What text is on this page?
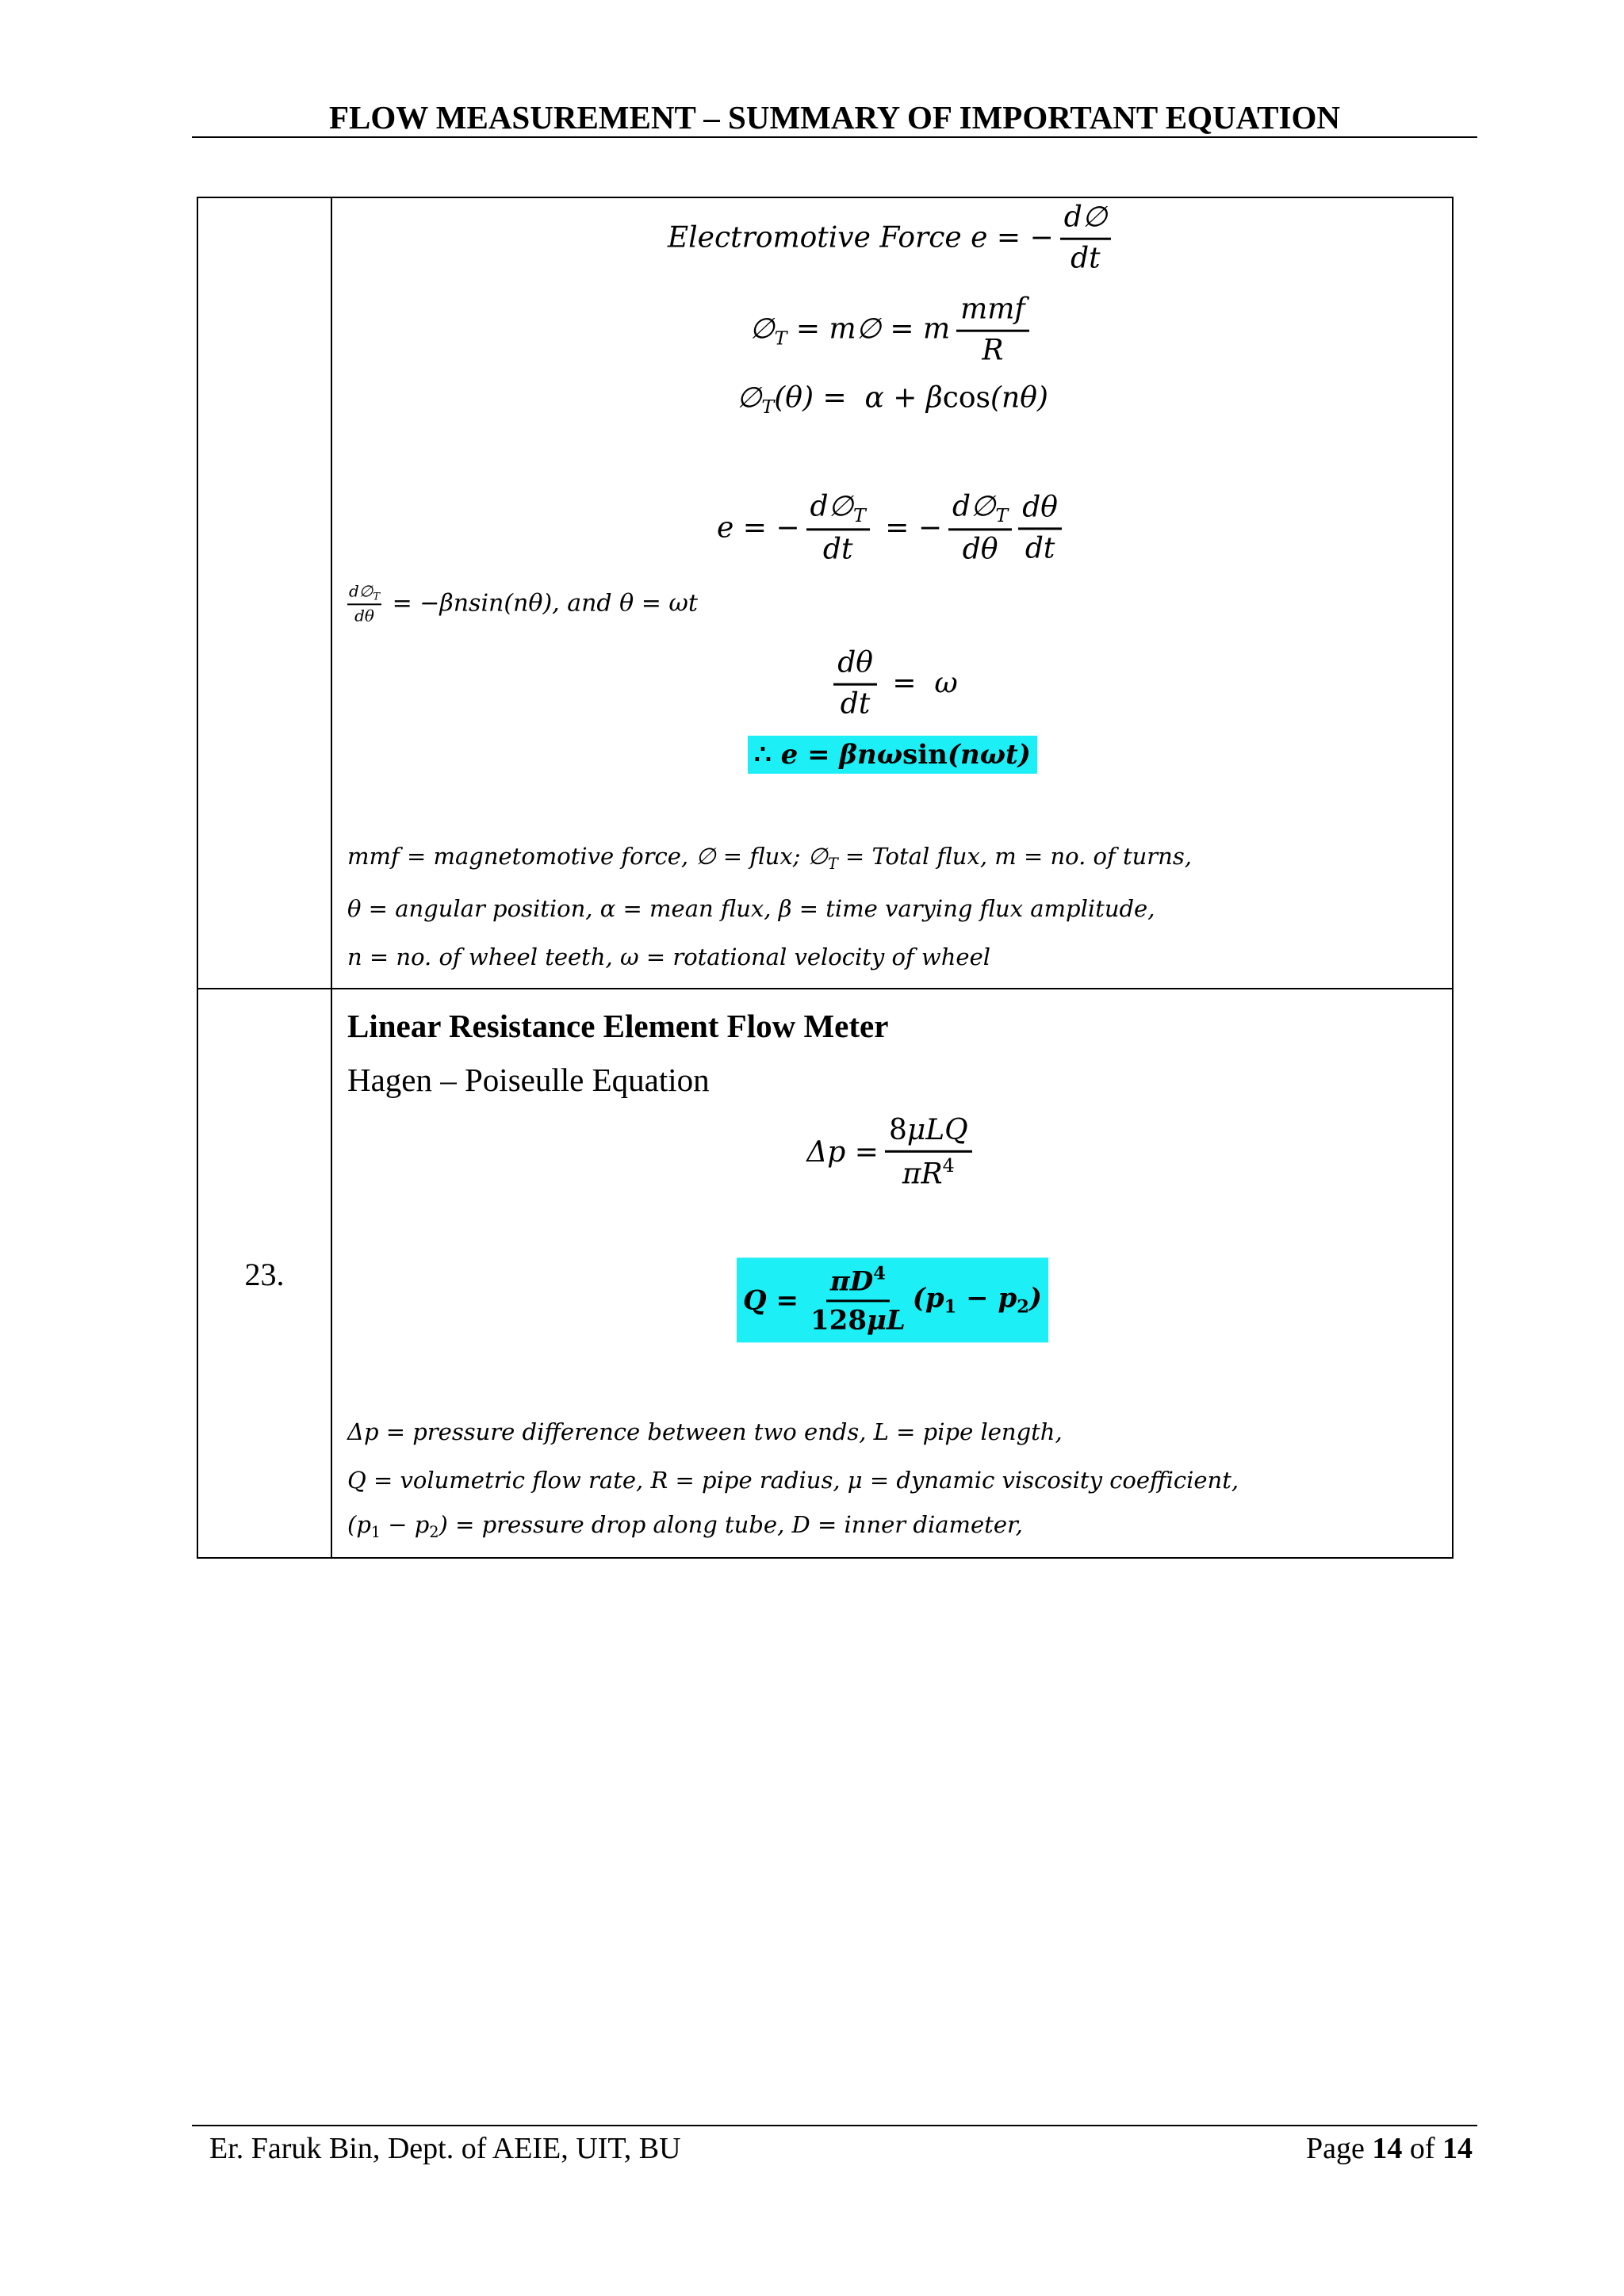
FLOW MEASUREMENT – SUMMARY OF IMPORTANT EQUATION
Electromotive Force e = − $\frac{d\emptyset}{dt}$
$\emptyset_T$ = m∅ = m $\frac{\text{mmf}}{R}$
$\emptyset_T(\theta) = \alpha + \beta\cos(n\theta)$
e = − $\frac{d\emptyset_T}{dt}$ = − $\frac{d\emptyset_T}{d\theta} \frac{d\theta}{dt}$
$\frac{d\emptyset_T}{d\theta} = -\beta nsin(n\theta)$, and θ = ωt
$\frac{d\theta}{dt} = \omega$
∴ e = βnωsin(nωt)
mmf = magnetomotive force, ∅ = flux; $\emptyset_T$ = Total flux, m = no. of turns,
θ = angular position, α = mean flux, β = time varying flux amplitude,
n = no. of wheel teeth, ω = rotational velocity of wheel
23.
Linear Resistance Element Flow Meter
Hagen – Poiseulle Equation
$\Delta p = \frac{\text{8μLQ}}{\pi R^4}$
$Q = \frac{\pi D^4}{128\mu L} (p_1 - p_2)$
Δp = pressure difference between two ends, L = pipe length,
Q = volumetric flow rate, R = pipe radius, μ = dynamic viscosity coefficient,
$(p_1 - p_2)$ = pressure drop along tube, D = inner diameter,
Er. Faruk Bin, Dept. of AEIE, UIT, BU	Page 14 of 14
